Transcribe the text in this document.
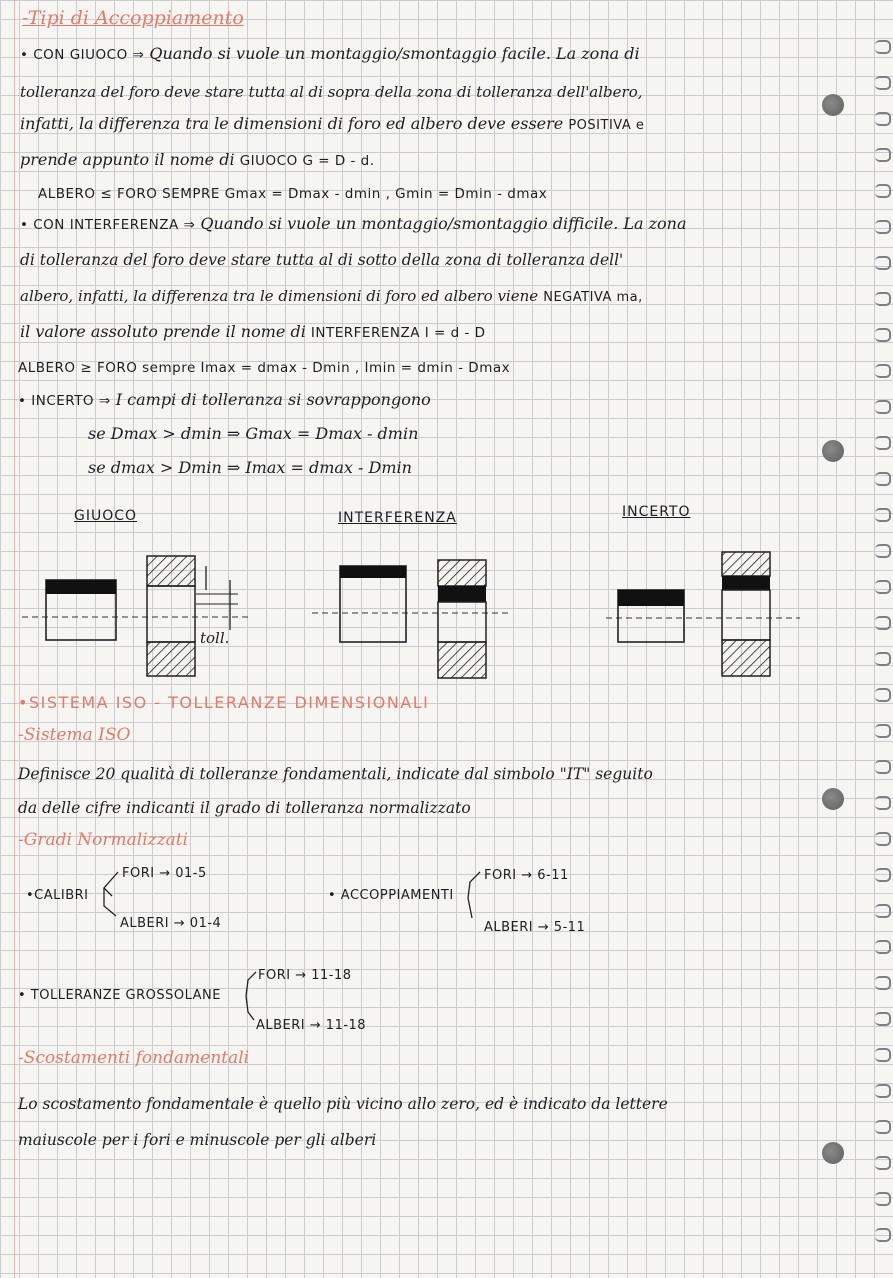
-Tipi di Accoppiamento
• CON GIUOCO ⇒ Quando si vuole un montaggio/smontaggio facile. La zona di
tolleranza del foro deve stare tutta al di sopra della zona di tolleranza dell'albero,
infatti, la differenza tra le dimensioni di foro ed albero deve essere POSITIVA e
prende appunto il nome di GIUOCO G = D - d.
ALBERO ≤ FORO SEMPRE Gmax = Dmax - dmin , Gmin = Dmin - dmax
• CON INTERFERENZA ⇒ Quando si vuole un montaggio/smontaggio difficile. La zona
di tolleranza del foro deve stare tutta al di sotto della zona di tolleranza dell'
albero, infatti, la differenza tra le dimensioni di foro ed albero viene NEGATIVA ma,
il valore assoluto prende il nome di INTERFERENZA I = d - D
ALBERO ≥ FORO sempre Imax = dmax - Dmin , Imin = dmin - Dmax
• INCERTO ⇒ I campi di tolleranza si sovrappongono
se Dmax > dmin ⇒ Gmax = Dmax - dmin
se dmax > Dmin ⇒ Imax = dmax - Dmin
GIUOCO	INTERFERENZA	INCERTO
toll.
•SISTEMA ISO - TOLLERANZE DIMENSIONALI
-Sistema ISO
Definisce 20 qualità di tolleranze fondamentali, indicate dal simbolo "IT" seguito
da delle cifre indicanti il grado di tolleranza normalizzato
-Gradi Normalizzati
•CALIBRI
FORI → 01-5
ALBERI → 01-4
• ACCOPPIAMENTI
FORI → 6-11
ALBERI → 5-11
• TOLLERANZE GROSSOLANE
FORI → 11-18
ALBERI → 11-18
-Scostamenti fondamentali
Lo scostamento fondamentale è quello più vicino allo zero, ed è indicato da lettere
maiuscole per i fori e minuscole per gli alberi
